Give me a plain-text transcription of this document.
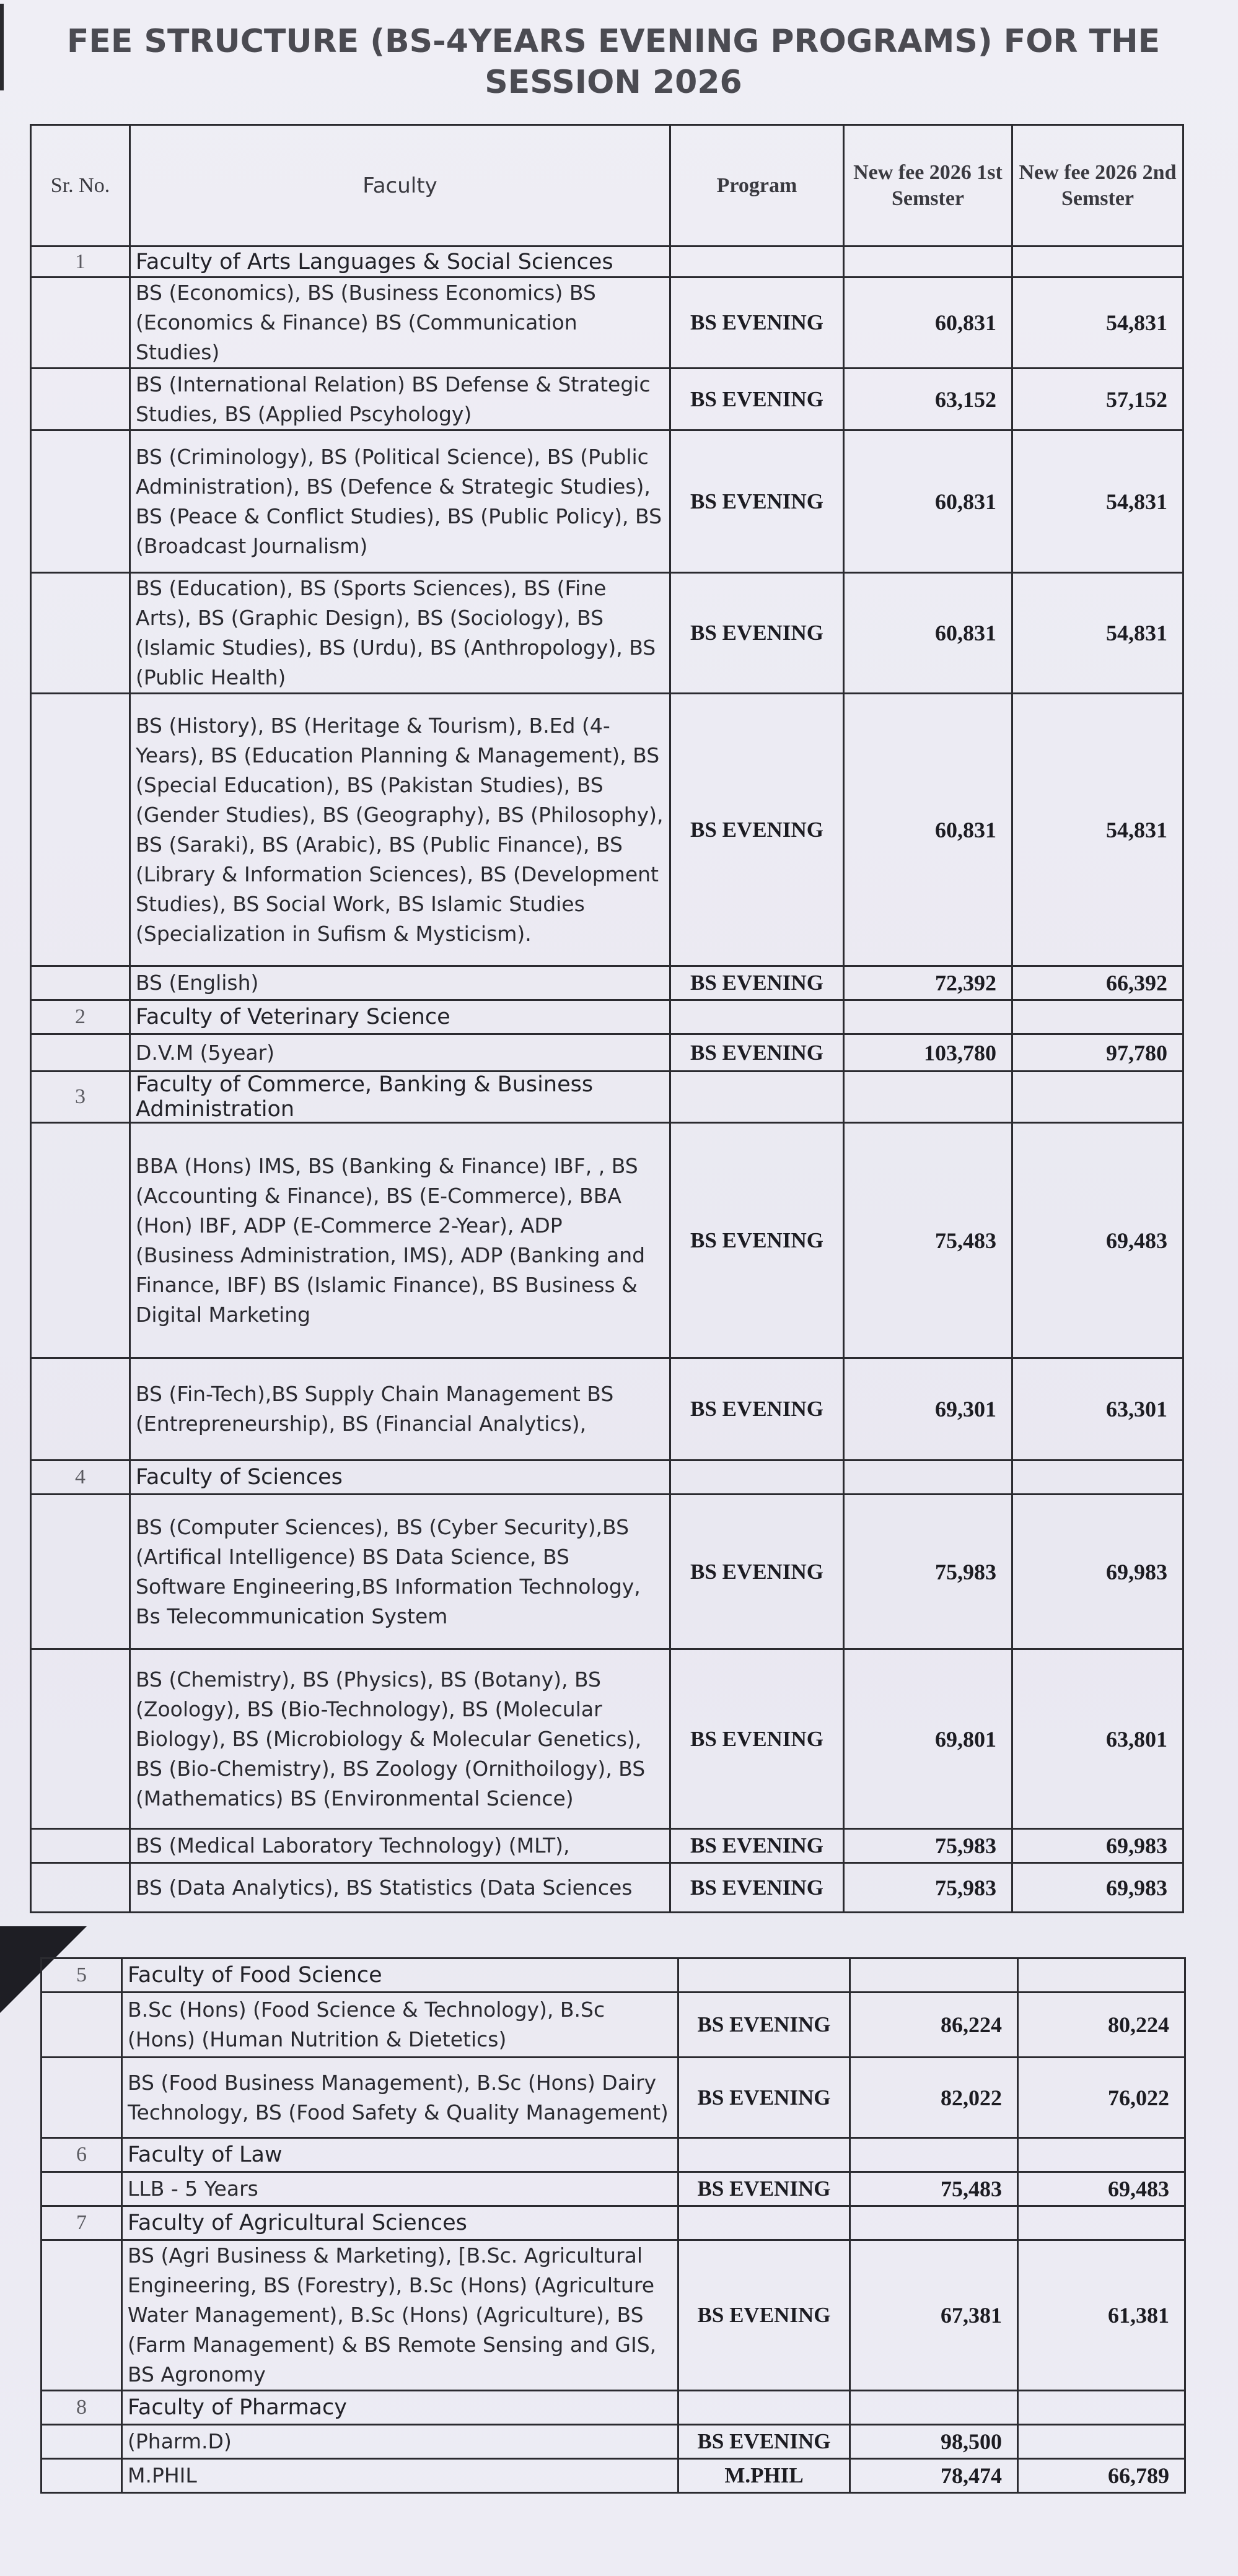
FEE STRUCTURE (BS-4YEARS EVENING PROGRAMS) FOR THE SESSION 2026
Sr. No.	Faculty	Program	New fee 2026 1st Semster	New fee 2026 2nd Semster
1	Faculty of Arts Languages & Social Sciences			
	BS (Economics), BS (Business Economics) BS (Economics & Finance) BS (Communication Studies)	BS EVENING	60,831	54,831
	BS (International Relation) BS Defense & Strategic Studies, BS (Applied Pscyhology)	BS EVENING	63,152	57,152
	BS (Criminology), BS (Political Science), BS (Public Administration), BS (Defence & Strategic Studies), BS (Peace & Conflict Studies), BS (Public Policy), BS (Broadcast Journalism)	BS EVENING	60,831	54,831
	BS (Education), BS (Sports Sciences), BS (Fine Arts), BS (Graphic Design), BS (Sociology), BS (Islamic Studies), BS (Urdu), BS (Anthropology), BS (Public Health)	BS EVENING	60,831	54,831
	BS (History), BS (Heritage & Tourism), B.Ed (4-Years), BS (Education Planning & Management), BS (Special Education), BS (Pakistan Studies), BS (Gender Studies), BS (Geography), BS (Philosophy), BS (Saraki), BS (Arabic), BS (Public Finance), BS (Library & Information Sciences), BS (Development Studies), BS Social Work, BS Islamic Studies (Specialization in Sufism & Mysticism).	BS EVENING	60,831	54,831
	BS (English)	BS EVENING	72,392	66,392
2	Faculty of Veterinary Science			
	D.V.M (5year)	BS EVENING	103,780	97,780
3	Faculty of Commerce, Banking & Business Administration			
	BBA (Hons) IMS, BS (Banking & Finance) IBF, , BS (Accounting & Finance), BS (E-Commerce), BBA (Hon) IBF, ADP (E-Commerce 2-Year), ADP (Business Administration, IMS), ADP (Banking and Finance, IBF) BS (Islamic Finance), BS Business & Digital Marketing	BS EVENING	75,483	69,483
	BS (Fin-Tech),BS Supply Chain Management BS (Entrepreneurship), BS (Financial Analytics),	BS EVENING	69,301	63,301
4	Faculty of Sciences			
	BS (Computer Sciences), BS (Cyber Security),BS (Artifical Intelligence) BS Data Science, BS Software Engineering,BS Information Technology, Bs Telecommunication System	BS EVENING	75,983	69,983
	BS (Chemistry), BS (Physics), BS (Botany), BS (Zoology), BS (Bio-Technology), BS (Molecular Biology), BS (Microbiology & Molecular Genetics), BS (Bio-Chemistry), BS Zoology (Ornithoilogy), BS (Mathematics) BS (Environmental Science)	BS EVENING	69,801	63,801
	BS (Medical Laboratory Technology) (MLT),	BS EVENING	75,983	69,983
	BS (Data Analytics), BS Statistics (Data Sciences	BS EVENING	75,983	69,983
5	Faculty of Food Science			
	B.Sc (Hons) (Food Science & Technology), B.Sc (Hons) (Human Nutrition & Dietetics)	BS EVENING	86,224	80,224
	BS (Food Business Management), B.Sc (Hons) Dairy Technology, BS (Food Safety & Quality Management)	BS EVENING	82,022	76,022
6	Faculty of Law			
	LLB - 5 Years	BS EVENING	75,483	69,483
7	Faculty of Agricultural Sciences			
	BS (Agri Business & Marketing), [B.Sc. Agricultural Engineering, BS (Forestry), B.Sc (Hons) (Agriculture Water Management), B.Sc (Hons) (Agriculture), BS (Farm Management) & BS Remote Sensing and GIS, BS Agronomy	BS EVENING	67,381	61,381
8	Faculty of Pharmacy			
	(Pharm.D)	BS EVENING	98,500	
	M.PHIL	M.PHIL	78,474	66,789
